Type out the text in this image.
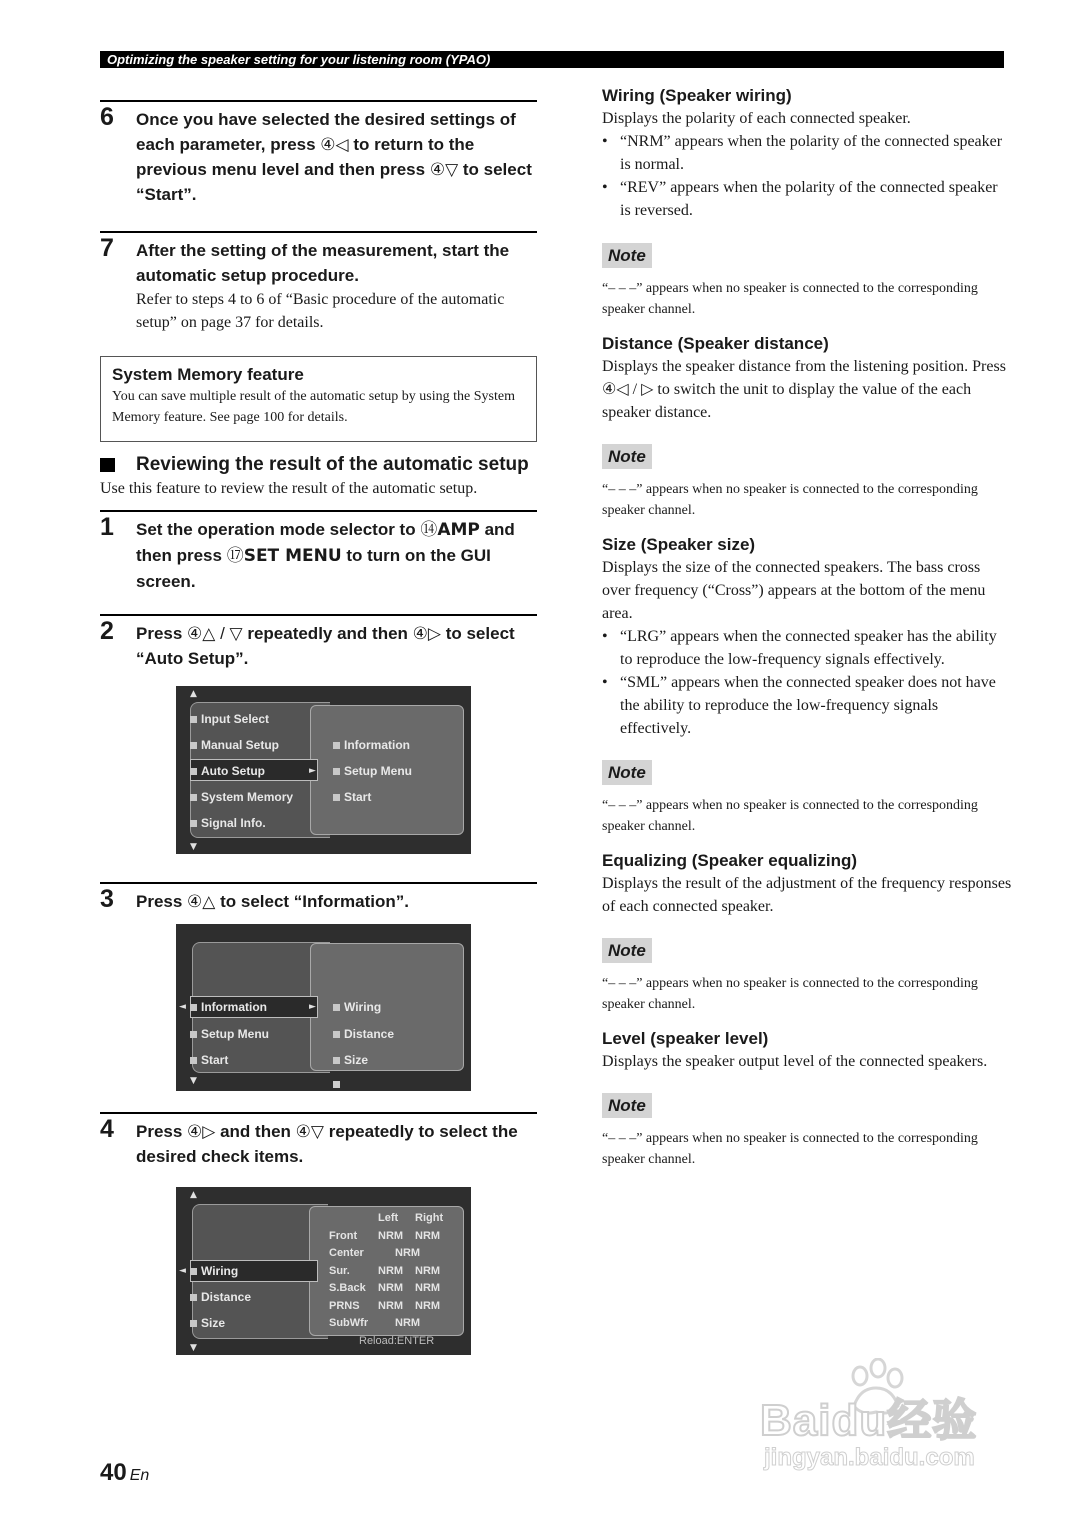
Optimizing the speaker setting for your listening room (YPAO)
6 Once you have selected the desired settings of each parameter, press ④◁ to return to the previous menu level and then press ④▽ to select “Start”.
7 After the setting of the measurement, start the automatic setup procedure.
Refer to steps 4 to 6 of “Basic procedure of the automatic setup” on page 37 for details.
System Memory feature
You can save multiple result of the automatic setup by using the System Memory feature. See page 100 for details.
Reviewing the result of the automatic setup
Use this feature to review the result of the automatic setup.
1 Set the operation mode selector to ⑭AMP and then press ⑰SET MENU to turn on the GUI screen.
2 Press ④△ / ▽ repeatedly and then ④▷ to select “Auto Setup”.
▲
Input Select
Manual Setup
Auto Setup	►
System Memory
Signal Info.
Information
Setup Menu
Start
▼
3 Press ④△ to select “Information”.
◄	Information	►
Setup Menu
Start
Wiring
Distance
Size
▼
4 Press ④▷ and then ④▽ repeatedly to select the desired check items.
▲
◄	Wiring
Distance
Size
	Left	Right
Front	NRM	NRM
Center	NRM	
Sur.	NRM	NRM
S.Back	NRM	NRM
PRNS	NRM	NRM
SubWfr	NRM	
Reload:ENTER		
▼
Wiring (Speaker wiring)
Displays the polarity of each connected speaker.
• “NRM” appears when the polarity of the connected speaker is normal.
• “REV” appears when the polarity of the connected speaker is reversed.
Note
“– – –” appears when no speaker is connected to the corresponding speaker channel.
Distance (Speaker distance)
Displays the speaker distance from the listening position. Press ④◁ / ▷ to switch the unit to display the value of the each speaker distance.
Note
“– – –” appears when no speaker is connected to the corresponding speaker channel.
Size (Speaker size)
Displays the size of the connected speakers. The bass cross over frequency (“Cross”) appears at the bottom of the menu area.
• “LRG” appears when the connected speaker has the ability to reproduce the low-frequency signals effectively.
• “SML” appears when the connected speaker does not have the ability to reproduce the low-frequency signals effectively.
Note
“– – –” appears when no speaker is connected to the corresponding speaker channel.
Equalizing (Speaker equalizing)
Displays the result of the adjustment of the frequency responses of each connected speaker.
Note
“– – –” appears when no speaker is connected to the corresponding speaker channel.
Level (speaker level)
Displays the speaker output level of the connected speakers.
Note
“– – –” appears when no speaker is connected to the corresponding speaker channel.
40 En
Baidu经验
jingyan.baidu.com
